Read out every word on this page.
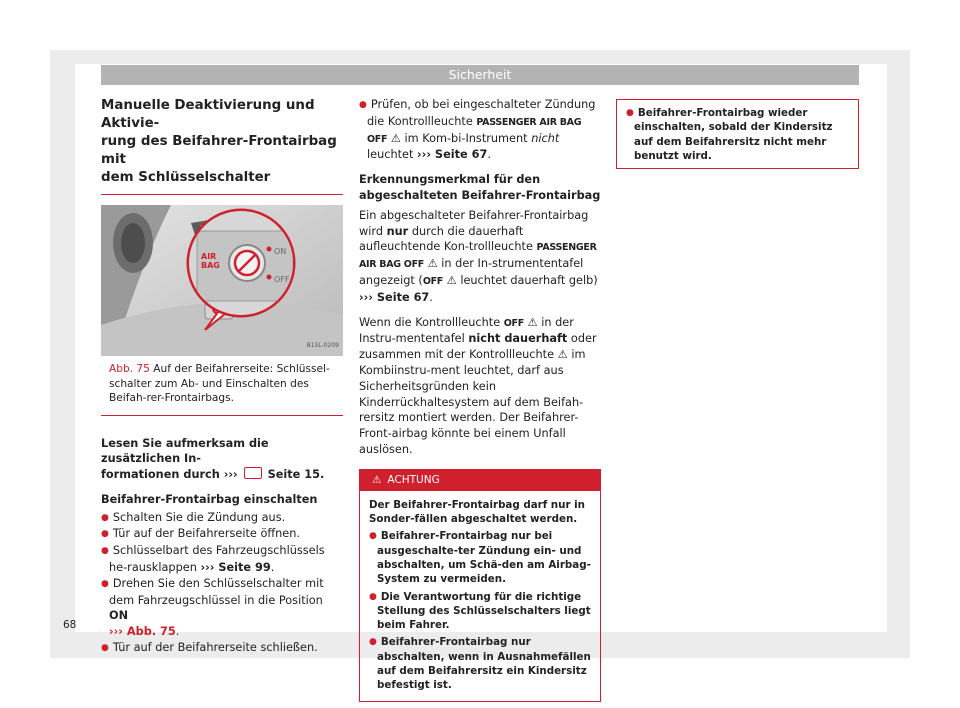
Sicherheit
Manuelle Deaktivierung und Aktivie-
rung des Beifahrer-Frontairbag mit
dem Schlüsselschalter
B1SL-0209
AIR
BAG
ON
OFF
Abb. 75 Auf der Beifahrerseite: Schlüssel-schalter zum Ab- und Einschalten des Beifah-rer-Frontairbags.

Lesen Sie aufmerksam die zusätzlichen In-
formationen durch ›››	Seite 15.

Beifahrer-Frontairbag einschalten

● Schalten Sie die Zündung aus.

● Tür auf der Beifahrerseite öffnen.

● Schlüsselbart des Fahrzeugschlüssels he-rausklappen ››› Seite 99.

● Drehen Sie den Schlüsselschalter mit dem Fahrzeugschlüssel in die Position ON
››› Abb. 75.

● Tür auf der Beifahrerseite schließen.

● Prüfen, ob bei eingeschalteter Zündung die Kontrollleuchte PASSENGER AIR BAG OFF ⚠ im Kom-bi-Instrument nicht leuchtet ››› Seite 67.

Erkennungsmerkmal für den abgeschalteten Beifahrer-Frontairbag

Ein abgeschalteter Beifahrer-Frontairbag wird nur durch die dauerhaft aufleuchtende Kon-trollleuchte PASSENGER AIR BAG OFF ⚠ in der In-strumententafel angezeigt (OFF ⚠ leuchtet dauerhaft gelb) ››› Seite 67.

Wenn die Kontrollleuchte OFF ⚠ in der Instru-mententafel nicht dauerhaft oder zusammen mit der Kontrollleuchte ⚠ im Kombiinstru-ment leuchtet, darf aus Sicherheitsgründen kein Kinderrückhaltesystem auf dem Beifah-rersitz montiert werden. Der Beifahrer-Front-airbag könnte bei einem Unfall auslösen.

⚠ ACHTUNG

Der Beifahrer-Frontairbag darf nur in Sonder-fällen abgeschaltet werden.

● Beifahrer-Frontairbag nur bei ausgeschalte-ter Zündung ein- und abschalten, um Schä-den am Airbag-System zu vermeiden.

● Die Verantwortung für die richtige Stellung des Schlüsselschalters liegt beim Fahrer.

● Beifahrer-Frontairbag nur abschalten, wenn in Ausnahmefällen auf dem Beifahrersitz ein Kindersitz befestigt ist.

● Beifahrer-Frontairbag wieder einschalten, sobald der Kindersitz auf dem Beifahrersitz nicht mehr benutzt wird.

68
